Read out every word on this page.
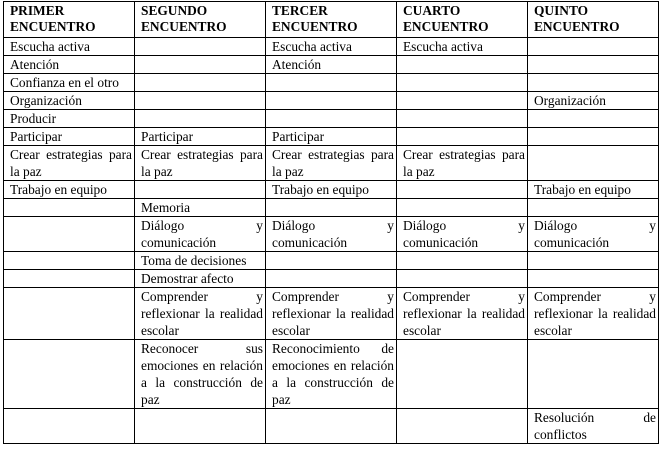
PRIMER ENCUENTRO	SEGUNDO ENCUENTRO	TERCER ENCUENTRO	CUARTO ENCUENTRO	QUINTO ENCUENTRO
Escucha activa		Escucha activa	Escucha activa	
Atención		Atención		
Confianza en el otro				
Organización				Organización
Producir				
Participar	Participar	Participar		
Crear estrategias para la paz	Crear estrategias para la paz	Crear estrategias para la paz	Crear estrategias para la paz	
Trabajo en equipo		Trabajo en equipo		Trabajo en equipo
	Memoria			
	Diálogo y comunicación	Diálogo y comunicación	Diálogo y comunicación	Diálogo y comunicación
	Toma de decisiones			
	Demostrar afecto			
	Comprender y reflexionar la realidad escolar	Comprender y reflexionar la realidad escolar	Comprender y reflexionar la realidad escolar	Comprender y reflexionar la realidad escolar
	Reconocer sus emociones en relación a la construcción de paz	Reconocimiento de emociones en relación a la construcción de paz		
				Resolución de conflictos
